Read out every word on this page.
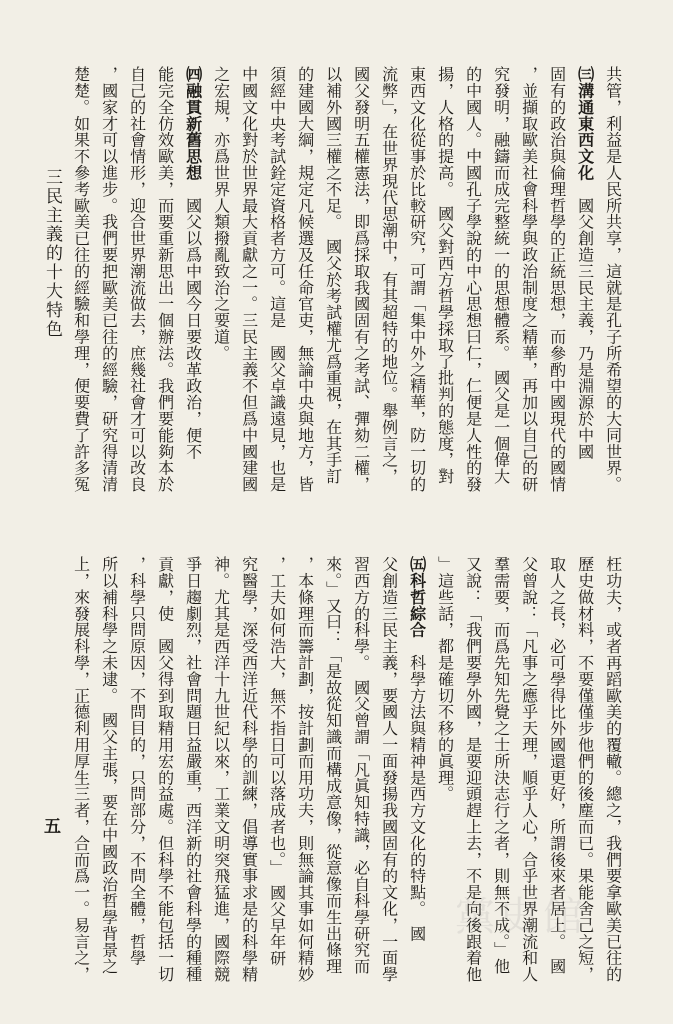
共管，利益是人民所共享，這就是孔子所希望的大同世界。
㈢溝通東西文化　國父創造三民主義，乃是淵源於中國
固有的政治與倫理哲學的正統思想，而參酌中國現代的國情
，並擷取歐美社會科學與政治制度之精華，再加以自己的研
究發明，融鑄而成完整統一的思想體系。　國父是一個偉大
的中國人。中國孔子學說的中心思想曰仁，仁便是人性的發
揚，人格的提高。　國父對西方哲學採取了批判的態度，對
東西文化從事於比較研究，可謂「集中外之精華，防一切的
流弊」，在世界現代思潮中，有其超特的地位。舉例言之，
國父發明五權憲法，即爲採取我國固有之考試、彈劾二權，
以補外國三權之不足。　國父於考試權尤爲重視，在其手訂
的建國大綱，規定凡候選及任命官吏，無論中央與地方，皆
須經中央考試銓定資格者方可。這是　國父卓識遠見，也是
中國文化對於世界最大貢獻之一。三民主義不但爲中國建國
之宏規，亦爲世界人類撥亂致治之要道。
㈣融貫新舊思想　國父以爲中國今日要改革政治，便不
能完全仿效歐美，而要重新思出一個辦法。我們要能夠本於
自己的社會情形，迎合世界潮流做去，庶幾社會才可以改良
，國家才可以進步。我們要把歐美已往的經驗，研究得清清
楚楚。如果不參考歐美已往的經驗和學理，便要費了許多冤
三民主義的十大特色
五	枉功夫，或者再蹈歐美的覆轍。總之，我們要拿歐美已往的
歷史做材料，不要僅僅步他們的後塵而已。果能舍己之短，
取人之長，必可學得比外國還更好，所謂後來者居上。　國
父曾說：「凡事之應乎天理，順乎人心，合乎世界潮流和人
羣需要，而爲先知先覺之士所決志行之者，則無不成。」他
又說：「我們要學外國，是要迎頭趕上去，不是向後跟着他
」這些話，都是確切不移的眞理。
㈤科哲綜合　科學方法與精神是西方文化的特點。　國
父創造三民主義，要國人一面發揚我國固有的文化，一面學
習西方的科學。　國父曾謂「凡眞知特識，必自科學研究而
來。」又曰：「是故從知識而構成意像，從意像而生出條理
，本條理而籌計劃，按計劃而用功夫，則無論其事如何精妙
，工夫如何浩大，無不指日可以落成者也。」　國父早年研
究醫學，深受西洋近代科學的訓練，倡導實事求是的科學精
神。尤其是西洋十九世紀以來，工業文明突飛猛進，國際競
爭日趨劇烈，社會問題日益嚴重，西洋新的社會科學的種種
貢獻，使　國父得到取精用宏的益處。但科學不能包括一切
，科學只問原因，不問目的，只問部分，不問全體，哲學
所以補科學之未逮。　國父主張，要在中國政治哲學背景之
上，來發展科學，正德利用厚生三者，合而爲一。易言之，	黨史館
